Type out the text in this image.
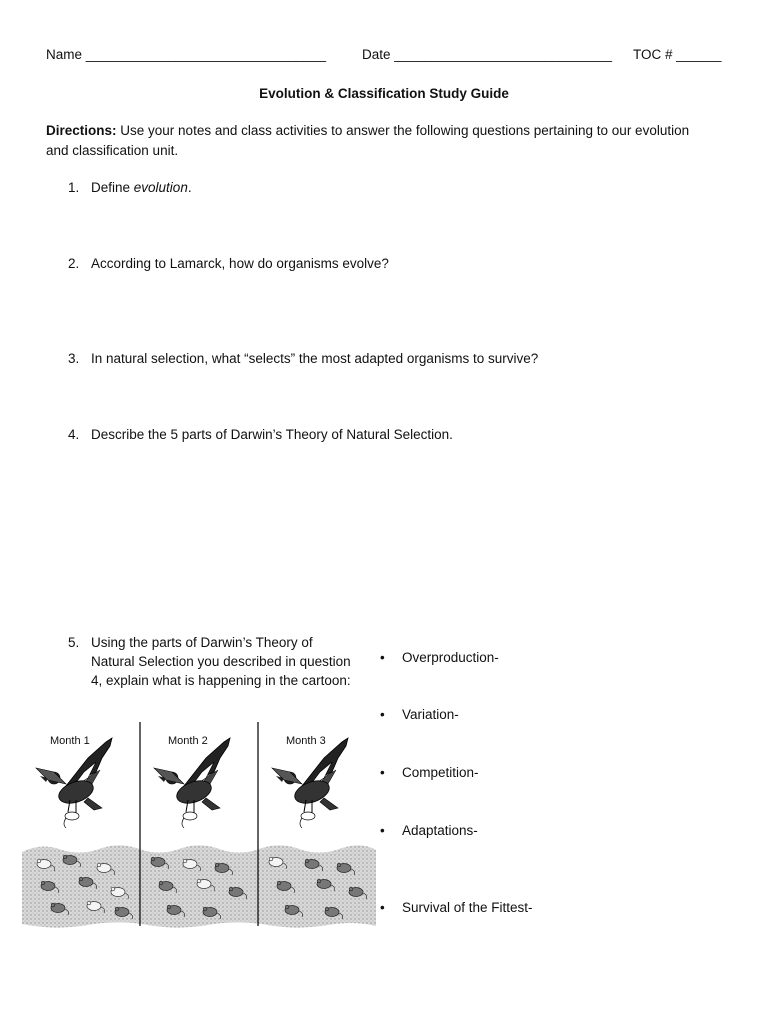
Name ________________________________	Date _____________________________ TOC # ______
Evolution & Classification Study Guide
Directions: Use your notes and class activities to answer the following questions pertaining to our evolution
and classification unit.
1. Define evolution.
2. According to Lamarck, how do organisms evolve?
3. In natural selection, what “selects” the most adapted organisms to survive?
4. Describe the 5 parts of Darwin’s Theory of Natural Selection.
5. Using the parts of Darwin’s Theory of
Natural Selection you described in question
4, explain what is happening in the cartoon:
• Overproduction-
• Variation-
• Competition-
• Adaptations-
• Survival of the Fittest-
Month 1	Month 2	Month 3
